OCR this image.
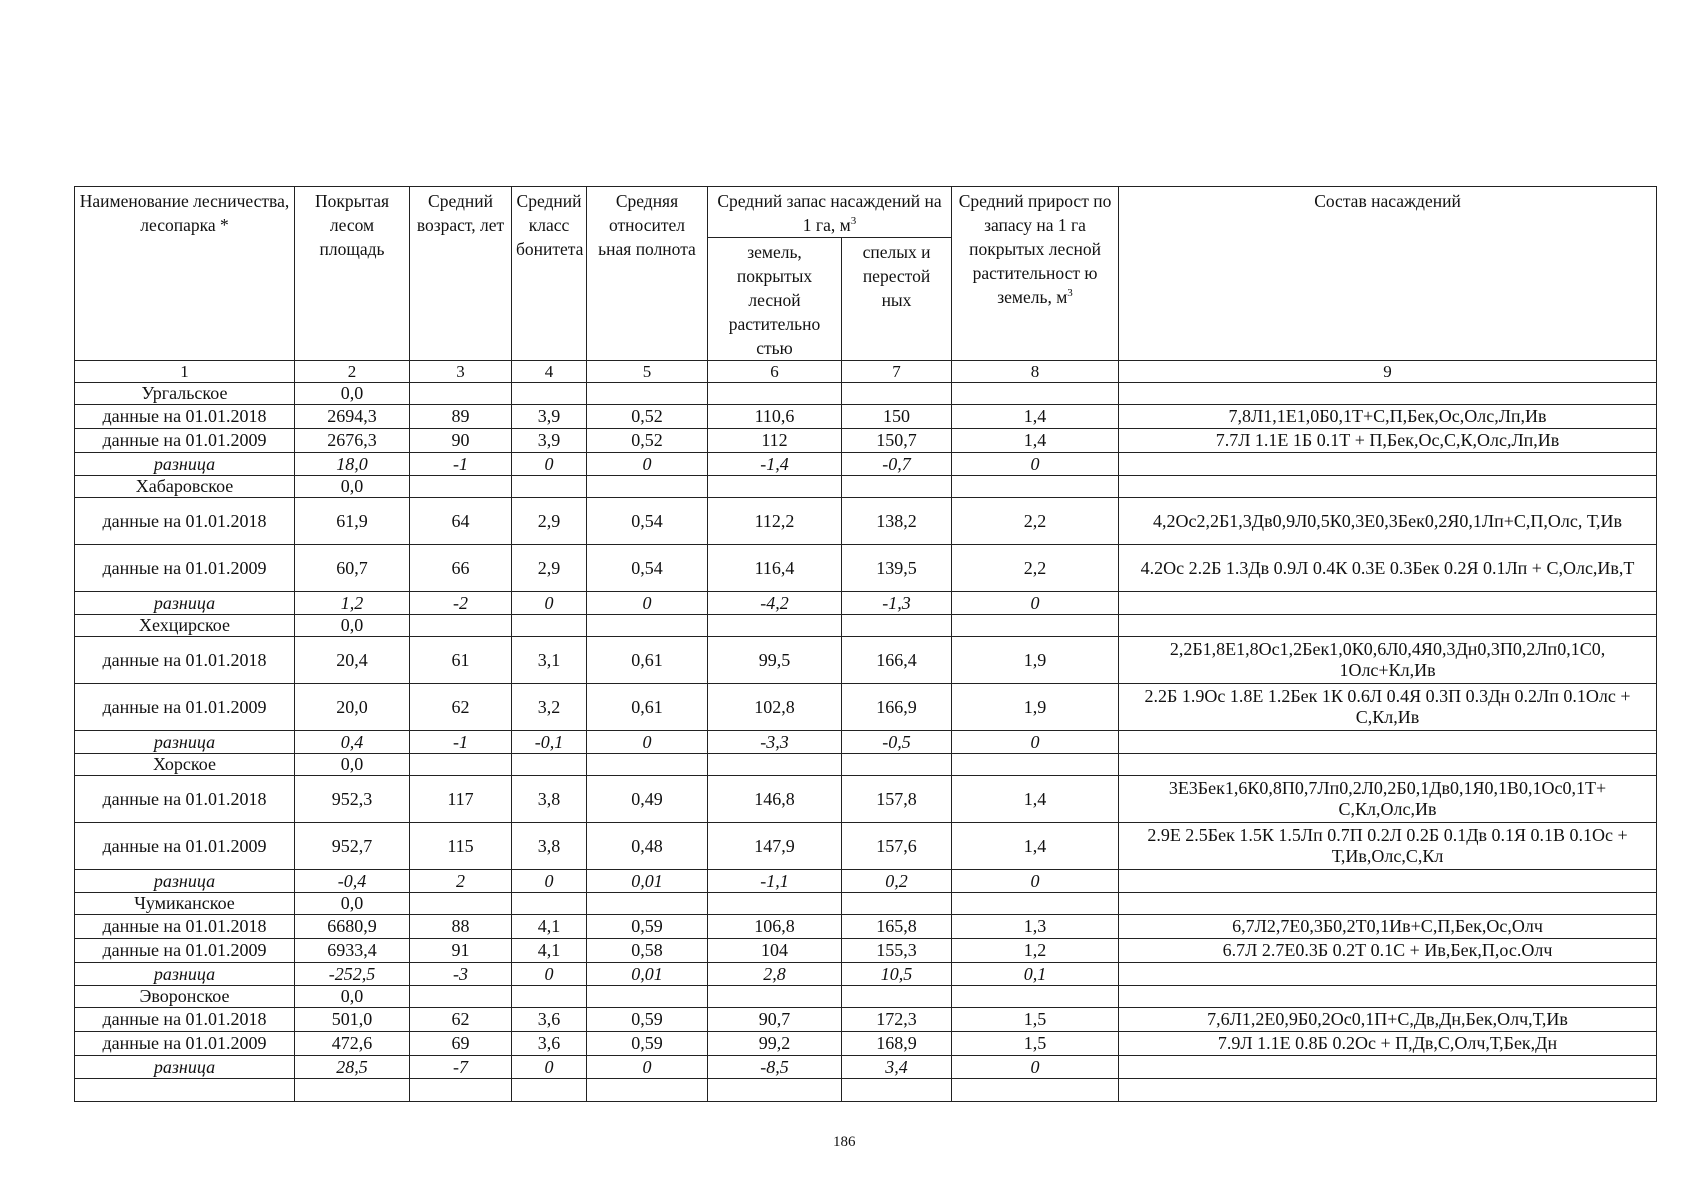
Наименование лесничества, лесопарка *	Покрытая лесом площадь	Средний возраст, лет	Средний класс бонитета	Средняя относител ьная полнота	Средний запас насаждений на 1 га, $м^3$		Средний прирост по запасу на 1 га покрытых лесной растительност ю земель, $м^3$	Состав насаждений
					земель, покрытых лесной растительно стью	спелых и перестой ных		
1	2	3	4	5	6	7	8	9
Ургальское	0,0							
данные на 01.01.2018	2694,3	89	3,9	0,52	110,6	150	1,4	7,8Л1,1Е1,0Б0,1Т+С,П,Бек,Ос,Олс,Лп,Ив
данные на 01.01.2009	2676,3	90	3,9	0,52	112	150,7	1,4	7.7Л 1.1Е 1Б 0.1Т + П,Бек,Ос,С,К,Олс,Лп,Ив
разница	18,0	-1	0	0	-1,4	-0,7	0	
Хабаровское	0,0							
данные на 01.01.2018	61,9	64	2,9	0,54	112,2	138,2	2,2	4,2Ос2,2Б1,3Дв0,9Л0,5К0,3Е0,3Бек0,2Я0,1Лп+С,П,Олс, Т,Ив
данные на 01.01.2009	60,7	66	2,9	0,54	116,4	139,5	2,2	4.2Ос 2.2Б 1.3Дв 0.9Л 0.4К 0.3Е 0.3Бек 0.2Я 0.1Лп + С,Олс,Ив,Т
разница	1,2	-2	0	0	-4,2	-1,3	0	
Хехцирское	0,0							
данные на 01.01.2018	20,4	61	3,1	0,61	99,5	166,4	1,9	2,2Б1,8Е1,8Ос1,2Бек1,0К0,6Л0,4Я0,3Дн0,3П0,2Лп0,1С0, 1Олс+Кл,Ив
данные на 01.01.2009	20,0	62	3,2	0,61	102,8	166,9	1,9	2.2Б 1.9Ос 1.8Е 1.2Бек 1К 0.6Л 0.4Я 0.3П 0.3Дн 0.2Лп 0.1Олс + С,Кл,Ив
разница	0,4	-1	-0,1	0	-3,3	-0,5	0	
Хорское	0,0							
данные на 01.01.2018	952,3	117	3,8	0,49	146,8	157,8	1,4	3Е3Бек1,6К0,8П0,7Лп0,2Л0,2Б0,1Дв0,1Я0,1В0,1Ос0,1Т+ С,Кл,Олс,Ив
данные на 01.01.2009	952,7	115	3,8	0,48	147,9	157,6	1,4	2.9Е 2.5Бек 1.5К 1.5Лп 0.7П 0.2Л 0.2Б 0.1Дв 0.1Я 0.1В 0.1Ос + Т,Ив,Олс,С,Кл
разница	-0,4	2	0	0,01	-1,1	0,2	0	
Чумиканское	0,0							
данные на 01.01.2018	6680,9	88	4,1	0,59	106,8	165,8	1,3	6,7Л2,7Е0,3Б0,2Т0,1Ив+С,П,Бек,Ос,Олч
данные на 01.01.2009	6933,4	91	4,1	0,58	104	155,3	1,2	6.7Л 2.7Е0.3Б 0.2Т 0.1С + Ив,Бек,П,ос.Олч
разница	-252,5	-3	0	0,01	2,8	10,5	0,1	
Эворонское	0,0							
данные на 01.01.2018	501,0	62	3,6	0,59	90,7	172,3	1,5	7,6Л1,2Е0,9Б0,2Ос0,1П+С,Дв,Дн,Бек,Олч,Т,Ив
данные на 01.01.2009	472,6	69	3,6	0,59	99,2	168,9	1,5	7.9Л 1.1Е 0.8Б 0.2Ос + П,Дв,С,Олч,Т,Бек,Дн
разница	28,5	-7	0	0	-8,5	3,4	0	

186
